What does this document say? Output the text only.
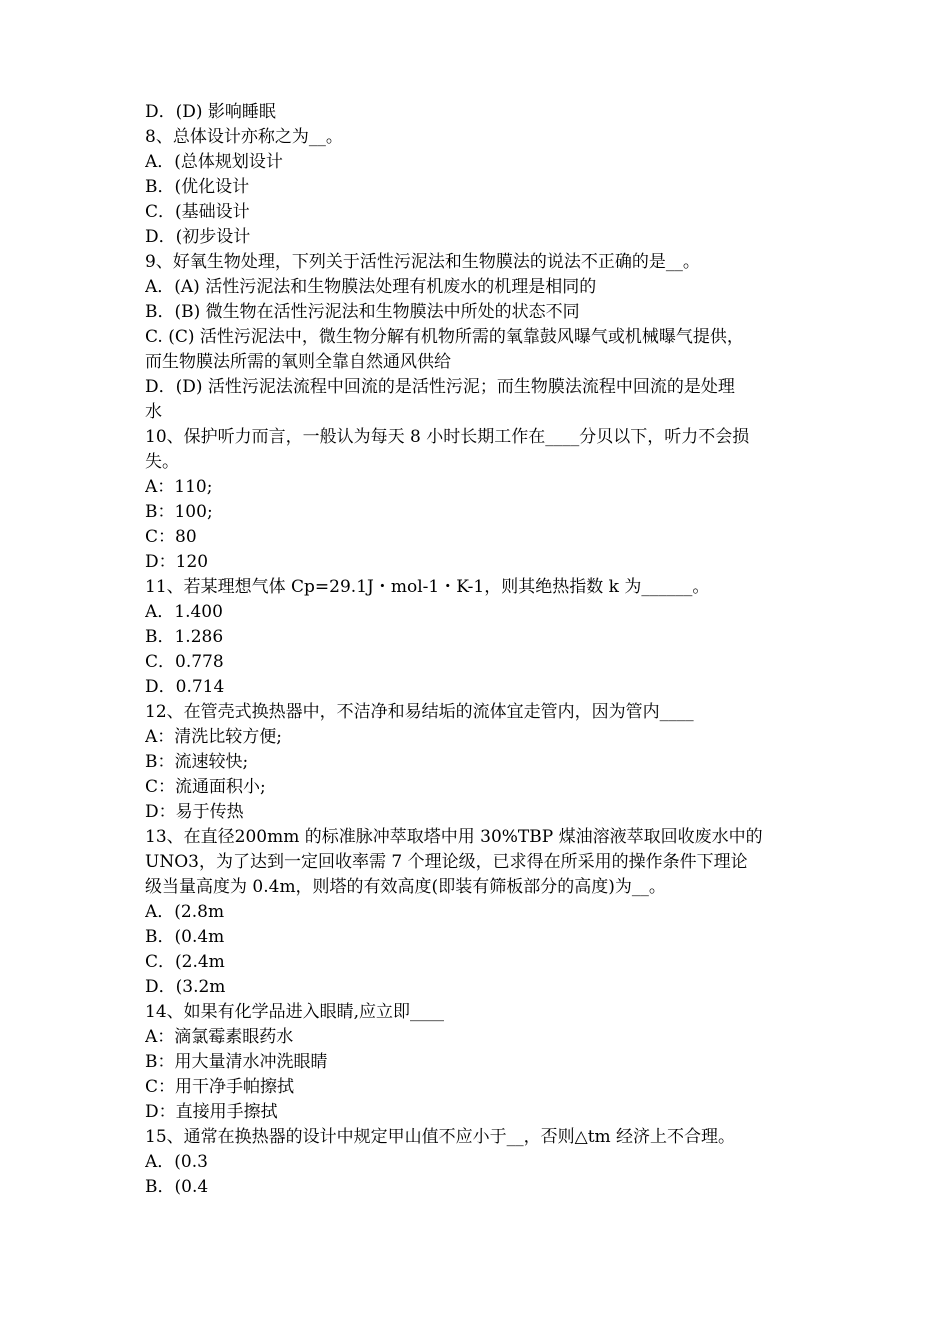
D．(D) 影响睡眠
8、总体设计亦称之为__。
A．(总体规划设计
B．(优化设计
C．(基础设计
D．(初步设计
9、好氧生物处理，下列关于活性污泥法和生物膜法的说法不正确的是__。
A．(A) 活性污泥法和生物膜法处理有机废水的机理是相同的
B．(B) 微生物在活性污泥法和生物膜法中所处的状态不同
C. (C) 活性污泥法中，微生物分解有机物所需的氧靠鼓风曝气或机械曝气提供，
而生物膜法所需的氧则全靠自然通风供给
D．(D) 活性污泥法流程中回流的是活性污泥；而生物膜法流程中回流的是处理
水
10、保护听力而言，一般认为每天 8 小时长期工作在____分贝以下，听力不会损
失。
A：110;
B：100;
C：80
D：120
11、若某理想气体 Cp=29.1J・mol-1・K-1，则其绝热指数 k 为______。
A．1.400
B．1.286
C．0.778
D．0.714
12、在管壳式换热器中，不洁净和易结垢的流体宜走管内，因为管内____
A：清洗比较方便;
B：流速较快;
C：流通面积小;
D：易于传热
13、在直径200mm 的标准脉冲萃取塔中用 30%TBP 煤油溶液萃取回收废水中的
UNO3，为了达到一定回收率需 7 个理论级，已求得在所采用的操作条件下理论
级当量高度为 0.4m，则塔的有效高度(即装有筛板部分的高度)为__。
A．(2.8m
B．(0.4m
C．(2.4m
D．(3.2m
14、如果有化学品进入眼睛,应立即____
A：滴氯霉素眼药水
B：用大量清水冲洗眼睛
C：用干净手帕擦拭
D：直接用手擦拭
15、通常在换热器的设计中规定甲山值不应小于__，否则△tm 经济上不合理。
A．(0.3
B．(0.4
